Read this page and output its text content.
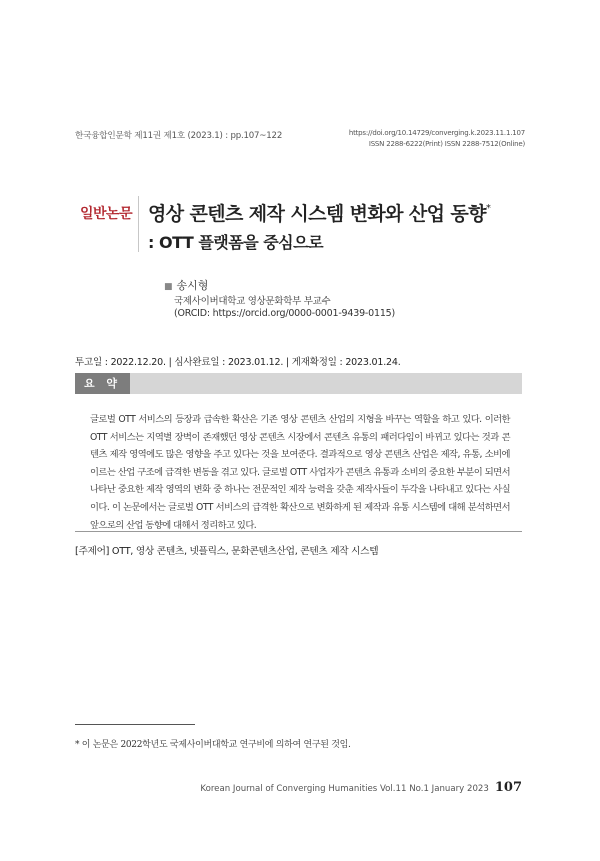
한국융합인문학 제11권 제1호 (2023.1) : pp.107~122	https://doi.org/10.14729/converging.k.2023.11.1.107
ISSN 2288-6222(Print) ISSN 2288-7512(Online)
일반논문 영상 콘텐츠 제작 시스템 변화와 산업 동향*
: OTT 플랫폼을 중심으로
■ 송시형
국제사이버대학교 영상문화학부 부교수
(ORCID: https://orcid.org/0000-0001-9439-0115)
투고일 : 2022.12.20. | 심사완료일 : 2023.01.12. | 게재확정일 : 2023.01.24.
요 약
글로벌 OTT 서비스의 등장과 급속한 확산은 기존 영상 콘텐츠 산업의 지형을 바꾸는 역할을 하고 있다. 이러한 OTT 서비스는 지역별 장벽이 존재했던 영상 콘텐츠 시장에서 콘텐츠 유통의 패러다임이 바뀌고 있다는 것과 콘텐츠 제작 영역에도 많은 영향을 주고 있다는 것을 보여준다. 결과적으로 영상 콘텐츠 산업은 제작, 유통, 소비에 이르는 산업 구조에 급격한 변동을 겪고 있다. 글로벌 OTT 사업자가 콘텐츠 유통과 소비의 중요한 부분이 되면서 나타난 중요한 제작 영역의 변화 중 하나는 전문적인 제작 능력을 갖춘 제작사들이 두각을 나타내고 있다는 사실이다. 이 논문에서는 글로벌 OTT 서비스의 급격한 확산으로 변화하게 된 제작과 유통 시스템에 대해 분석하면서 앞으로의 산업 동향에 대해서 정리하고 있다.
[주제어] OTT, 영상 콘텐츠, 넷플릭스, 문화콘텐츠산업, 콘텐츠 제작 시스템
* 이 논문은 2022학년도 국제사이버대학교 연구비에 의하여 연구된 것임.
Korean Journal of Converging Humanities Vol.11 No.1 January 2023 107
